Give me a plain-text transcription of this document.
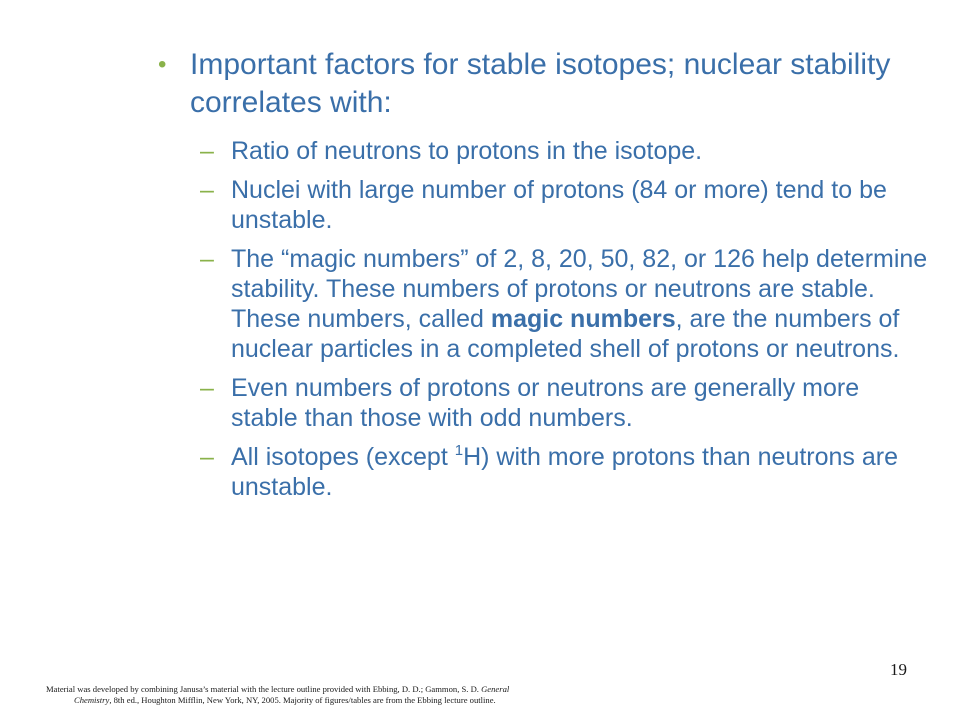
• Important factors for stable isotopes; nuclear stability correlates with:
– Ratio of neutrons to protons in the isotope.
– Nuclei with large number of protons (84 or more) tend to be unstable.
– The “magic numbers” of 2, 8, 20, 50, 82, or 126 help determine stability. These numbers of protons or neutrons are stable. These numbers, called magic numbers, are the numbers of nuclear particles in a completed shell of protons or neutrons.
– Even numbers of protons or neutrons are generally more stable than those with odd numbers.
– All isotopes (except $^1$H) with more protons than neutrons are unstable.
19
Material was developed by combining Janusa’s material with the lecture outline provided with Ebbing, D. D.; Gammon, S. D. General
Chemistry, 8th ed., Houghton Mifflin, New York, NY, 2005. Majority of figures/tables are from the Ebbing lecture outline.
